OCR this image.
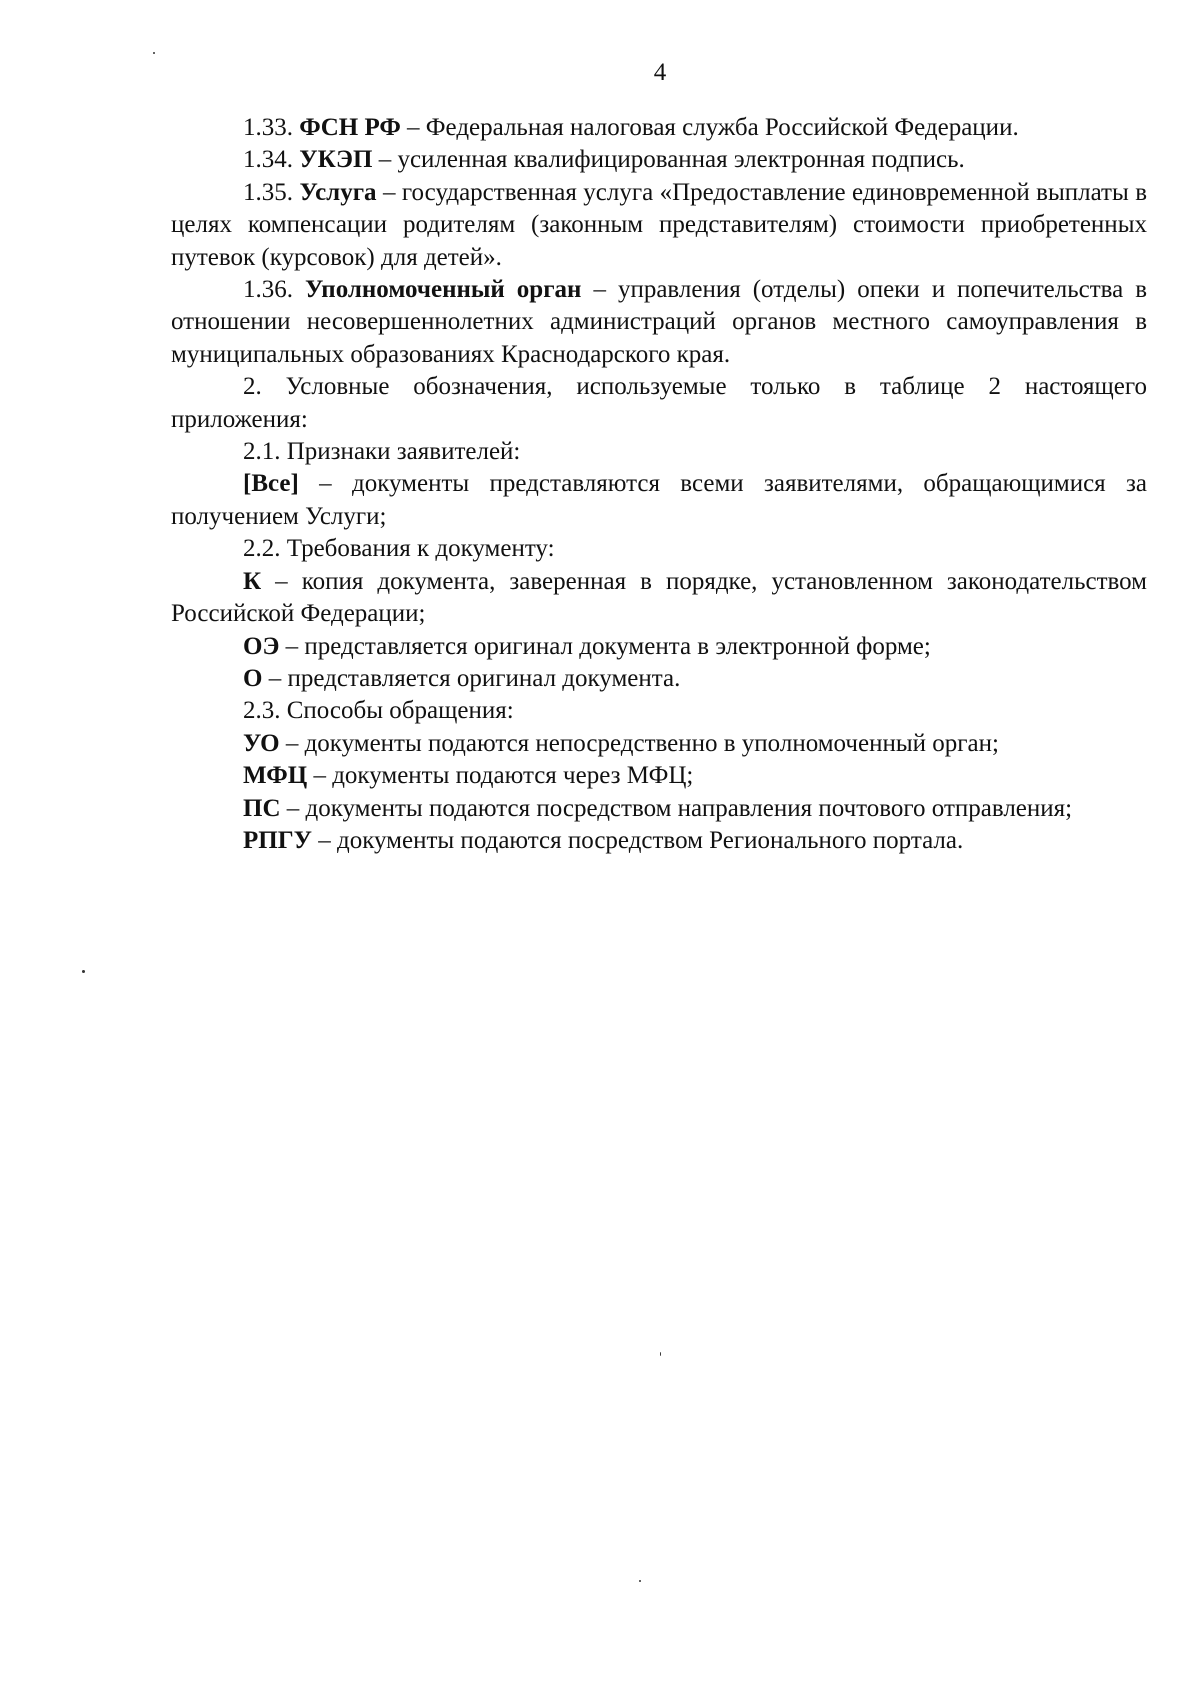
4

1.33. ФСН РФ – Федеральная налоговая служба Российской Федерации.

1.34. УКЭП – усиленная квалифицированная электронная подпись.

1.35. Услуга – государственная услуга «Предоставление единовременной выплаты в целях компенсации родителям (законным представителям) стоимости приобретенных путевок (курсовок) для детей».

1.36. Уполномоченный орган – управления (отделы) опеки и попечительства в отношении несовершеннолетних администраций органов местного самоуправления в муниципальных образованиях Краснодарского края.

2. Условные обозначения, используемые только в таблице 2 настоящего приложения:

2.1. Признаки заявителей:

[Все] – документы представляются всеми заявителями, обращающимися за получением Услуги;

2.2. Требования к документу:

К – копия документа, заверенная в порядке, установленном законодательством Российской Федерации;

ОЭ – представляется оригинал документа в электронной форме;

О – представляется оригинал документа.

2.3. Способы обращения:

УО – документы подаются непосредственно в уполномоченный орган;

МФЦ – документы подаются через МФЦ;

ПС – документы подаются посредством направления почтового отправления;

РПГУ – документы подаются посредством Регионального портала.
